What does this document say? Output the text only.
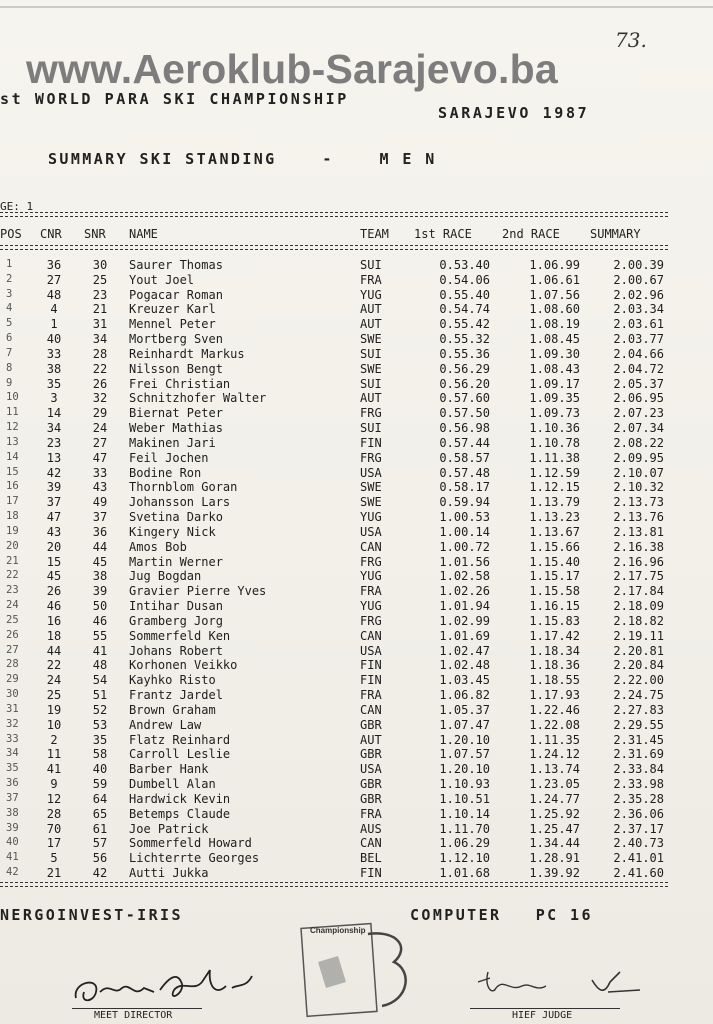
73.
www.Aeroklub-Sarajevo.ba
st WORLD PARA SKI CHAMPIONSHIP
SARAJEVO 1987
SUMMARY SKI STANDING    -    M E N
GE: 1
POS CNR SNR NAME	TEAM 1st RACE	2nd RACE	SUMMARY
1	36	30	Saurer Thomas	SUI	0.53.40	1.06.99	2.00.39
2	27	25	Yout Joel	FRA	0.54.06	1.06.61	2.00.67
3	48	23	Pogacar Roman	YUG	0.55.40	1.07.56	2.02.96
4	4	21	Kreuzer Karl	AUT	0.54.74	1.08.60	2.03.34
5	1	31	Mennel Peter	AUT	0.55.42	1.08.19	2.03.61
6	40	34	Mortberg Sven	SWE	0.55.32	1.08.45	2.03.77
7	33	28	Reinhardt Markus	SUI	0.55.36	1.09.30	2.04.66
8	38	22	Nilsson Bengt	SWE	0.56.29	1.08.43	2.04.72
9	35	26	Frei Christian	SUI	0.56.20	1.09.17	2.05.37
10	3	32	Schnitzhofer Walter	AUT	0.57.60	1.09.35	2.06.95
11	14	29	Biernat Peter	FRG	0.57.50	1.09.73	2.07.23
12	34	24	Weber Mathias	SUI	0.56.98	1.10.36	2.07.34
13	23	27	Makinen Jari	FIN	0.57.44	1.10.78	2.08.22
14	13	47	Feil Jochen	FRG	0.58.57	1.11.38	2.09.95
15	42	33	Bodine Ron	USA	0.57.48	1.12.59	2.10.07
16	39	43	Thornblom Goran	SWE	0.58.17	1.12.15	2.10.32
17	37	49	Johansson Lars	SWE	0.59.94	1.13.79	2.13.73
18	47	37	Svetina Darko	YUG	1.00.53	1.13.23	2.13.76
19	43	36	Kingery Nick	USA	1.00.14	1.13.67	2.13.81
20	20	44	Amos Bob	CAN	1.00.72	1.15.66	2.16.38
21	15	45	Martin Werner	FRG	1.01.56	1.15.40	2.16.96
22	45	38	Jug Bogdan	YUG	1.02.58	1.15.17	2.17.75
23	26	39	Gravier Pierre Yves	FRA	1.02.26	1.15.58	2.17.84
24	46	50	Intihar Dusan	YUG	1.01.94	1.16.15	2.18.09
25	16	46	Gramberg Jorg	FRG	1.02.99	1.15.83	2.18.82
26	18	55	Sommerfeld Ken	CAN	1.01.69	1.17.42	2.19.11
27	44	41	Johans Robert	USA	1.02.47	1.18.34	2.20.81
28	22	48	Korhonen Veikko	FIN	1.02.48	1.18.36	2.20.84
29	24	54	Kayhko Risto	FIN	1.03.45	1.18.55	2.22.00
30	25	51	Frantz Jardel	FRA	1.06.82	1.17.93	2.24.75
31	19	52	Brown Graham	CAN	1.05.37	1.22.46	2.27.83
32	10	53	Andrew Law	GBR	1.07.47	1.22.08	2.29.55
33	2	35	Flatz Reinhard	AUT	1.20.10	1.11.35	2.31.45
34	11	58	Carroll Leslie	GBR	1.07.57	1.24.12	2.31.69
35	41	40	Barber Hank	USA	1.20.10	1.13.74	2.33.84
36	9	59	Dumbell Alan	GBR	1.10.93	1.23.05	2.33.98
37	12	64	Hardwick Kevin	GBR	1.10.51	1.24.77	2.35.28
38	28	65	Betemps Claude	FRA	1.10.14	1.25.92	2.36.06
39	70	61	Joe Patrick	AUS	1.11.70	1.25.47	2.37.17
40	17	57	Sommerfeld Howard	CAN	1.06.29	1.34.44	2.40.73
41	5	56	Lichterrte Georges	BEL	1.12.10	1.28.91	2.41.01
42	21	42	Autti Jukka	FIN	1.01.68	1.39.92	2.41.60
NERGOINVEST-IRIS	COMPUTER   PC 16
Championship
MEET DIRECTOR	HIEF JUDGE
